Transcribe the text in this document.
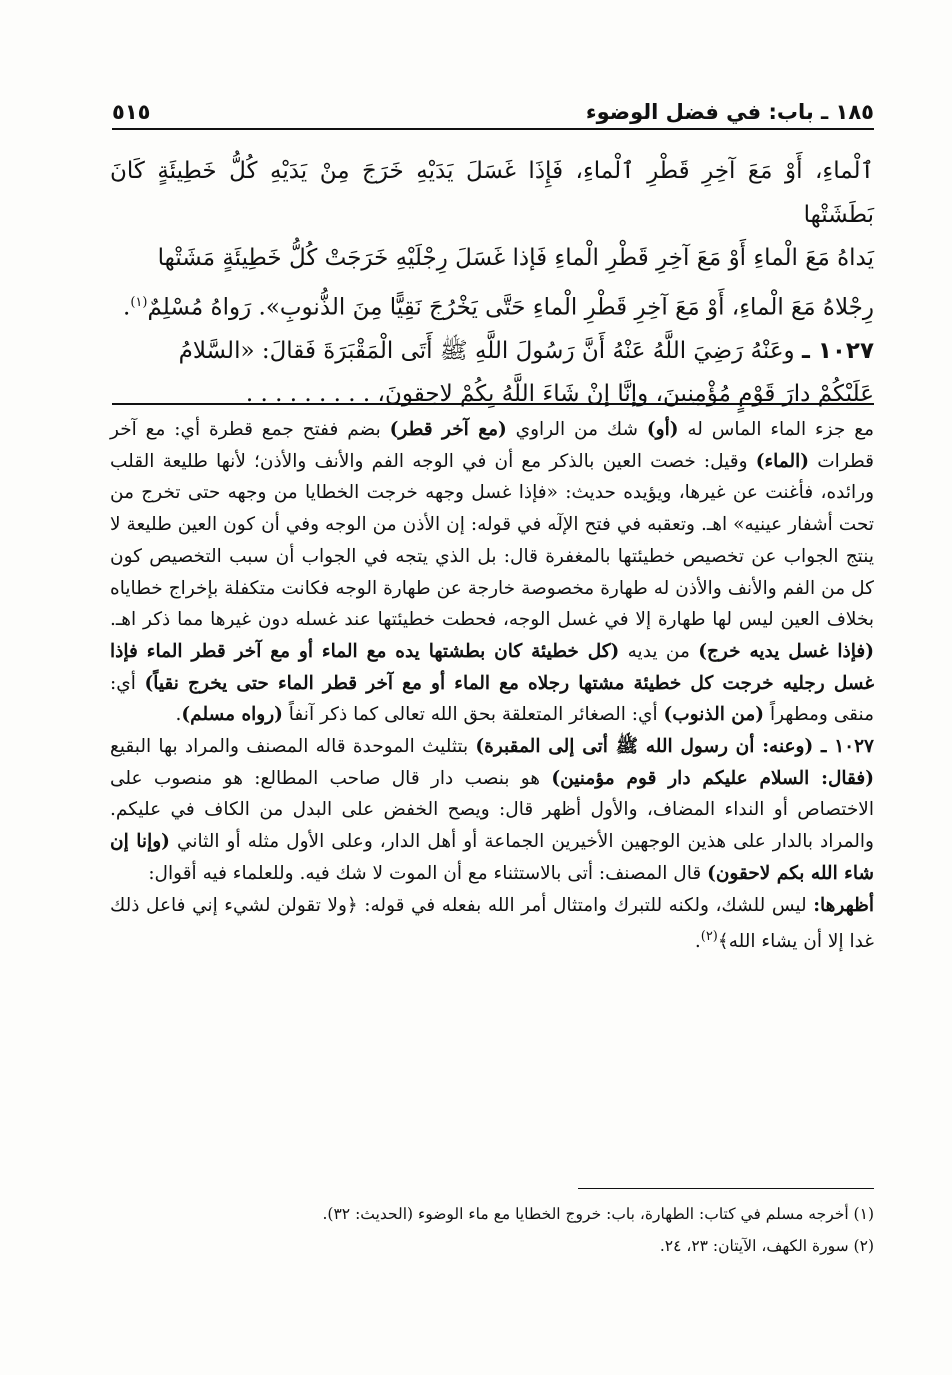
١٨٥ ـ باب: في فضل الوضوء
٥١٥

ٱلْماءِ، أَوْ مَعَ آخِرِ قَطْرِ ٱلْماءِ، فَإِذَا غَسَلَ يَدَيْهِ خَرَجَ مِنْ يَدَيْهِ كُلُّ خَطِيئَةٍ كَانَ بَطَشَتْها

يَداهُ مَعَ الْماءِ أَوْ مَعَ آخِرِ قَطْرِ الْماءِ فَإذا غَسَلَ رِجْلَيْهِ خَرَجَتْ كُلُّ خَطِيئَةٍ مَشَتْها

رِجْلاهُ مَعَ الْماءِ، أَوْ مَعَ آخِرِ قَطْرِ الْماءِ حَتَّى يَخْرُجَ نَقِيًّا مِنَ الذُّنوبِ». رَواهُ مُسْلِمٌ$^{(١)}$.

١٠٢٧ ـ وعَنْهُ رَضِيَ اللَّهُ عَنْهُ أَنَّ رَسُولَ اللَّهِ ﷺ أَتَى الْمَقْبَرَةَ فَقالَ: «السَّلامُ

عَلَيْكُمْ دارَ قَوْمٍ مُؤْمِنِينَ، وإنَّا إنْ شَاءَ اللَّهُ بِكُمْ لاحِقونَ، . . . . . . . . .

مع جزء الماء الماس له (أو) شك من الراوي (مع آخر قطر) بضم ففتح جمع قطرة أي: مع آخر قطرات (الماء) وقيل: خصت العين بالذكر مع أن في الوجه الفم والأنف والأذن؛ لأنها طليعة القلب ورائده، فأغنت عن غيرها، ويؤيده حديث: «فإذا غسل وجهه خرجت الخطايا من وجهه حتى تخرج من تحت أشفار عينيه» اهـ. وتعقبه في فتح الإلٓه في قوله: إن الأذن من الوجه وفي أن كون العين طليعة لا ينتج الجواب عن تخصيص خطيئتها بالمغفرة قال: بل الذي يتجه في الجواب أن سبب التخصيص كون كل من الفم والأنف والأذن له طهارة مخصوصة خارجة عن طهارة الوجه فكانت متكفلة بإخراج خطاياه بخلاف العين ليس لها طهارة إلا في غسل الوجه، فحطت خطيئتها عند غسله دون غيرها مما ذكر اهـ. (فإذا غسل يديه خرج) من يديه (كل خطيئة كان بطشتها يده مع الماء أو مع آخر قطر الماء فإذا غسل رجليه خرجت كل خطيئة مشتها رجلاه مع الماء أو مع آخر قطر الماء حتى يخرج نقياً) أي: منقى ومطهراً (من الذنوب) أي: الصغائر المتعلقة بحق الله تعالى كما ذكر آنفاً (رواه مسلم).

١٠٢٧ ـ (وعنه: أن رسول الله ﷺ أتى إلى المقبرة) بتثليث الموحدة قاله المصنف والمراد بها البقيع (فقال: السلام عليكم دار قوم مؤمنين) هو بنصب دار قال صاحب المطالع: هو منصوب على الاختصاص أو النداء المضاف، والأول أظهر قال: ويصح الخفض على البدل من الكاف في عليكم. والمراد بالدار على هذين الوجهين الأخيرين الجماعة أو أهل الدار، وعلى الأول مثله أو الثاني (وإنا إن شاء الله بكم لاحقون) قال المصنف: أتى بالاستثناء مع أن الموت لا شك فيه. وللعلماء فيه أقوال:

أظهرها: ليس للشك، ولكنه للتبرك وامتثال أمر الله بفعله في قوله: ﴿ولا تقولن لشيء إني فاعل ذلك غدا إلا أن يشاء الله﴾$^{(٢)}$.

(١) أخرجه مسلم في كتاب: الطهارة، باب: خروج الخطايا مع ماء الوضوء (الحديث: ٣٢).

(٢) سورة الكهف، الآيتان: ٢٣، ٢٤.
